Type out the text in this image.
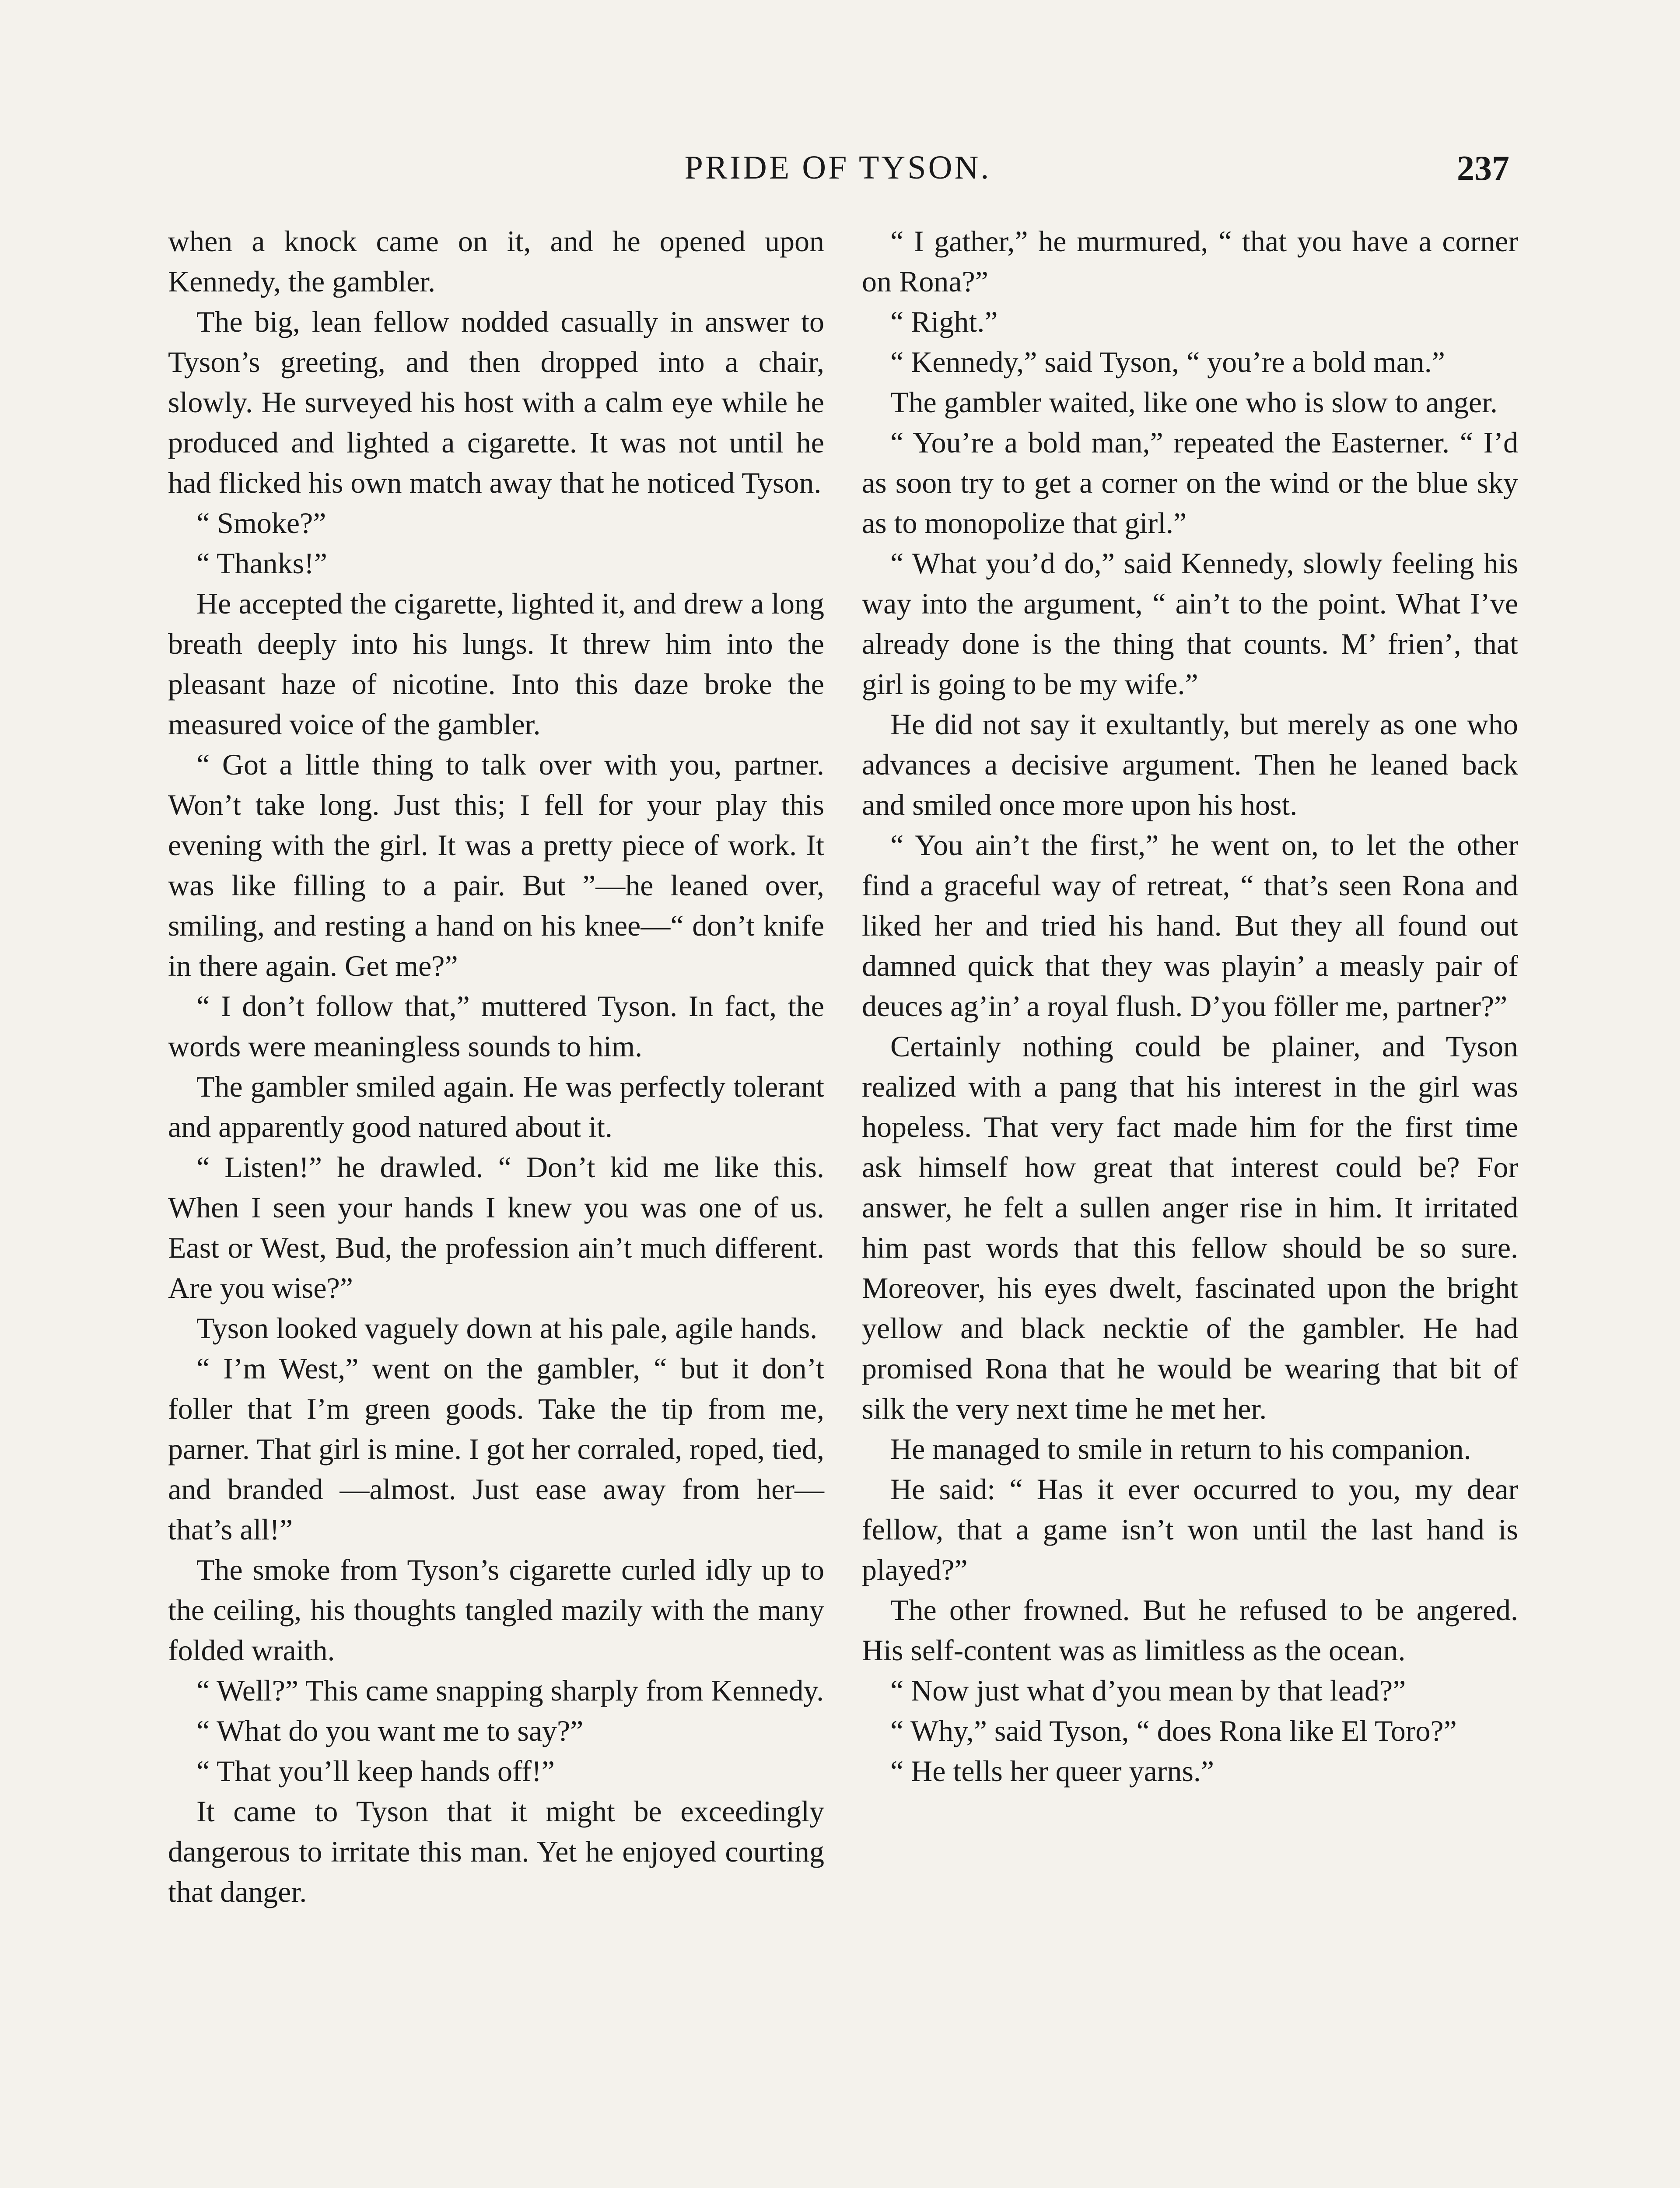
PRIDE OF TYSON.	237

when a knock came on it, and he opened upon Kennedy, the gambler.

The big, lean fellow nodded casually in answer to Tyson’s greeting, and then dropped into a chair, slowly. He surveyed his host with a calm eye while he produced and lighted a cigarette. It was not until he had flicked his own match away that he noticed Tyson.

“ Smoke?”

“ Thanks!”

He accepted the cigarette, lighted it, and drew a long breath deeply into his lungs. It threw him into the pleasant haze of nicotine. Into this daze broke the measured voice of the gambler.

“ Got a little thing to talk over with you, partner. Won’t take long. Just this; I fell for your play this evening with the girl. It was a pretty piece of work. It was like filling to a pair. But ”—he leaned over, smiling, and resting a hand on his knee—“ don’t knife in there again. Get me?”

“ I don’t follow that,” muttered Tyson. In fact, the words were meaningless sounds to him.

The gambler smiled again. He was perfectly tolerant and apparently good natured about it.

“ Listen!” he drawled. “ Don’t kid me like this. When I seen your hands I knew you was one of us. East or West, Bud, the profession ain’t much different. Are you wise?”

Tyson looked vaguely down at his pale, agile hands.

“ I’m West,” went on the gambler, “ but it don’t foller that I’m green goods. Take the tip from me, parner. That girl is mine. I got her corraled, roped, tied, and branded —almost. Just ease away from her—that’s all!”

The smoke from Tyson’s cigarette curled idly up to the ceiling, his thoughts tangled mazily with the many folded wraith.

“ Well?” This came snapping sharply from Kennedy.

“ What do you want me to say?”

“ That you’ll keep hands off!”

It came to Tyson that it might be exceedingly dangerous to irritate this man. Yet he enjoyed courting that danger.

“ I gather,” he murmured, “ that you have a corner on Rona?”

“ Right.”

“ Kennedy,” said Tyson, “ you’re a bold man.”

The gambler waited, like one who is slow to anger.

“ You’re a bold man,” repeated the Easterner. “ I’d as soon try to get a corner on the wind or the blue sky as to monopolize that girl.”

“ What you’d do,” said Kennedy, slowly feeling his way into the argument, “ ain’t to the point. What I’ve already done is the thing that counts. M’ frien’, that girl is going to be my wife.”

He did not say it exultantly, but merely as one who advances a decisive argument. Then he leaned back and smiled once more upon his host.

“ You ain’t the first,” he went on, to let the other find a graceful way of retreat, “ that’s seen Rona and liked her and tried his hand. But they all found out damned quick that they was playin’ a measly pair of deuces ag’in’ a royal flush. D’you föller me, partner?”

Certainly nothing could be plainer, and Tyson realized with a pang that his interest in the girl was hopeless. That very fact made him for the first time ask himself how great that interest could be? For answer, he felt a sullen anger rise in him. It irritated him past words that this fellow should be so sure. Moreover, his eyes dwelt, fascinated upon the bright yellow and black necktie of the gambler. He had promised Rona that he would be wearing that bit of silk the very next time he met her.

He managed to smile in return to his companion.

He said: “ Has it ever occurred to you, my dear fellow, that a game isn’t won until the last hand is played?”

The other frowned. But he refused to be angered. His self-content was as limitless as the ocean.

“ Now just what d’you mean by that lead?”

“ Why,” said Tyson, “ does Rona like El Toro?”

“ He tells her queer yarns.”
